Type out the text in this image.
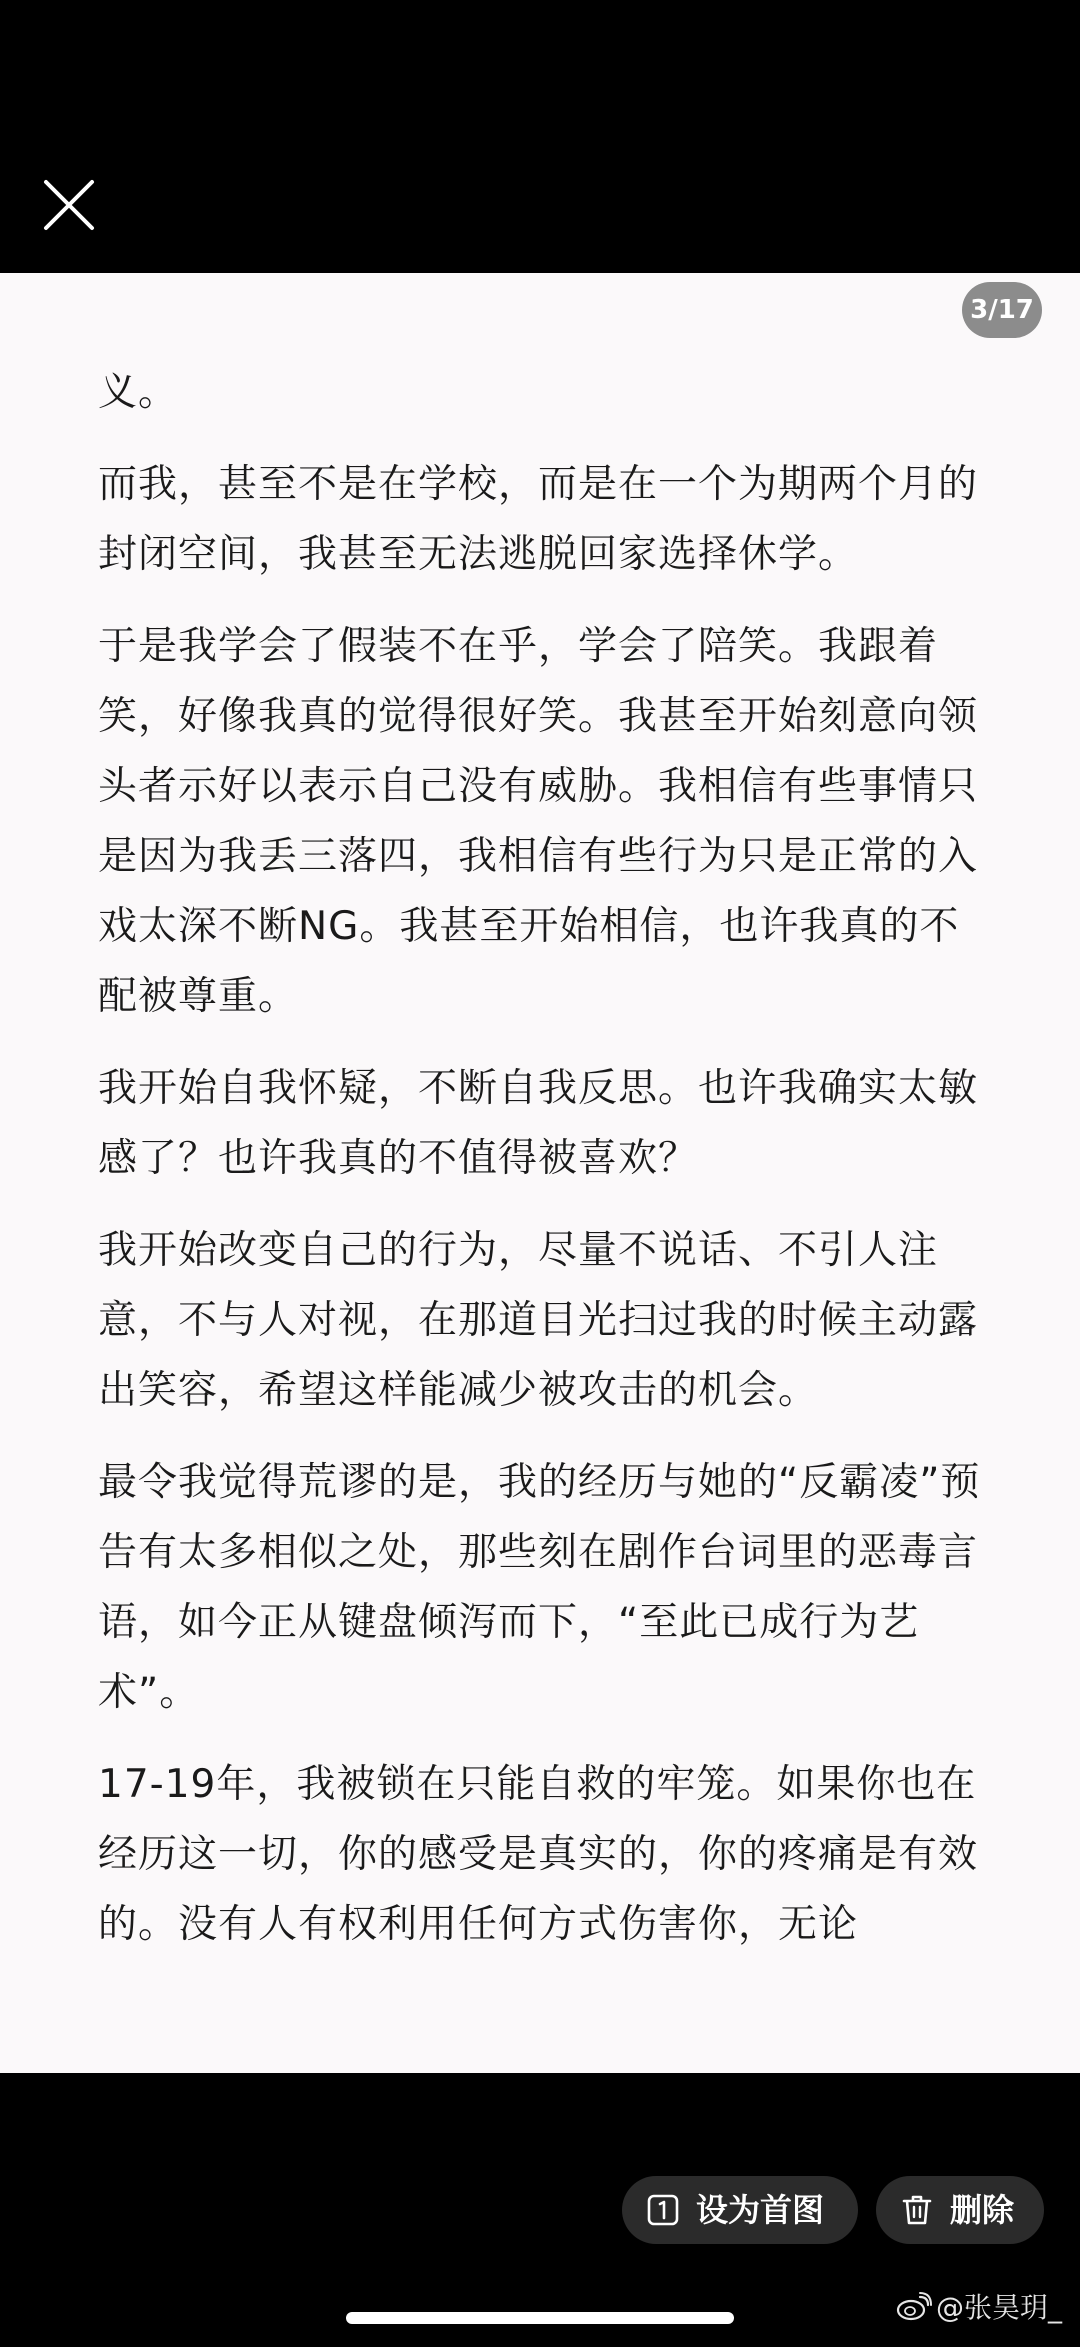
3/17

义。

而我，甚至不是在学校，而是在一个为期两个月的封闭空间，我甚至无法逃脱回家选择休学。

于是我学会了假装不在乎，学会了陪笑。我跟着笑，好像我真的觉得很好笑。我甚至开始刻意向领头者示好以表示自己没有威胁。我相信有些事情只是因为我丢三落四，我相信有些行为只是正常的入戏太深不断NG。我甚至开始相信，也许我真的不配被尊重。

我开始自我怀疑，不断自我反思。也许我确实太敏感了？也许我真的不值得被喜欢？

我开始改变自己的行为，尽量不说话、不引人注意，不与人对视，在那道目光扫过我的时候主动露出笑容，希望这样能减少被攻击的机会。

最令我觉得荒谬的是，我的经历与她的“反霸凌”预告有太多相似之处，那些刻在剧作台词里的恶毒言语，如今正从键盘倾泻而下，“至此已成行为艺术”。

17-19年，我被锁在只能自救的牢笼。如果你也在经历这一切，你的感受是真实的，你的疼痛是有效的。没有人有权利用任何方式伤害你，无论

设为首图	删除
@张昊玥_
